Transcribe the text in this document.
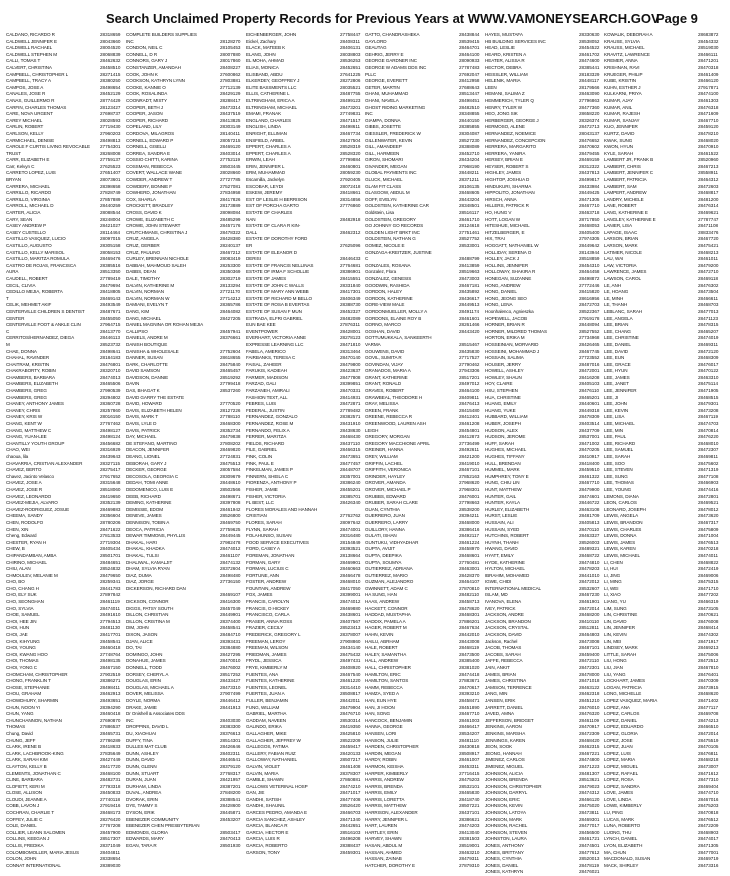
Search Unclaimed Property Records for Previous Years at WWW.VAMONEYSEARCH.GOV
Page 9
CALDANO, RICARDO R	28318659
CALDWELL JENNIFER E	28043660
CALDWELL RACHAEL	28004520
CALDWELL STEPHEN M	28068839
CALLI, TOMAS T	28462632
CALVERT, CHRISTINA	28458510
CAMPBELL, CHRISTOPHER L	28271415
CAMPBELL, TRACY A	28380250
CAMPOS, JOSE A	28498654
CANALES, JOSE R	28452129
CANAS, GUILLERMO R	28774429
CARFIN, CHARLES THOMAS	28123427
CARE, NOVA URGENT	27698737
CAREY MICHAEL	28028593
CARLIN, ROBERT	27719430
CARLSON, KELLY	27960203
CARMICHAEL, DENISE	28498813
CAROLE F CURTIS LIVING REVOCABLE	27754301
TRUST	28268008
CARR, ELIZABETH E	27759137
Carr, Kelvyn C	27625523
CARRETO LOPEZ, LUIS	27651407
BRYAN	28073601
CARRERA, MICHAEL	28398658
CARRILLO, RICARDO	27828749
CARRILLO, VIRGINIA	27857889
CARROLL, MICHAEL D	28440259
CARTER, ALICIA	28088544
CARY, SEAN	28248004
CASEY ANDREW P	28421027
CASEY CUSTELLO	28114464
CASTILLO VASQUEZ, LUCIO	28097015
CASTILLO, AUGUSTO	28305158
CASTILLO, KELLY MARISOL	28058153
CASTILLO, MARITZA ROMULA	28469476
CASTRO DE ROJAS, FRANCISCA	28385516
AURA	28513350
CAUDELL, ROBERT	27789419
CECIL, CLIVIA	28479694
CEDILLO MEJIA, ROBERTA	28418805
T	28469143
CELIK, MEHMET AKIF	28493549
CENTERVILLE CHILDREN S DENTIST	28487671
CENTER	28455050
CENTERVILLE FOOT & ANKLE CLIN	27964715
C	28413770
CERRITOS/HERNANDEZ, DIEGA	28446113
M	28523732
CHAE, DONNA	28498641
CHAHAL, RAVINDER	28184183
CHAITRAM, KRISTIN	28476801
CHAKRABORTY, ROBIN	28320710
CHAMBERS, BARBARA	28474013
CHAMBERS, ELIZABETH	28465506
CHAMBERS, GREG	27990539
CHAMBERS, GREG	28294802
CHANEY, ANTHONY JAMES	28360728
CHANEY, CHRIS	28257860
CHANEY, KRIS W	28016150
CHANG, KENT W	27767462
CHANG, MATTHEW C	28498127
CHANG, YUAN-LEE	28498124
CHANTILLY YOUTH GROUP	28456682
CHAO, WEI	28316929
chaoua, lila	28439643
CHAVARRIA, CRISTIAN ALEXANDER	28327115
CHAVEZ, BERTO	28275417
Chavez, Jacinto Velasco	27917652
CHAVEZ, JOSE A	28315648
CHAVEZ, JOSE R	28518060
CHAVEZ, LEONARDO	28419650
CHAVEZ-MEJIA, ALVARO	28352139
CHAVEZ-RODRIGUEZ, JOSUE	28469883
CHEEMA, SANDY	28356604
CHEN, RODOLFO	28780206
CHEN, XIN	28471622
Cheng, Edward	27813533
CHESTER, RYAN H	27719304
CHEW, B	28405434
CHIPANDAMBAN, AMBA	28501701
CHIRINO, MICHAEL	28484651
CHIU, ALAN	28524832
CHMOULEV, MELANIE M	28479650
CHO, BO	28259341
CHO, CHANG H	28441783
CHO, ELY SUK	27897842
CHO, SEONGHAN	28461119
CHO, SYLVIA	28474011
CHOE, SAMUEL	28491610
CHOI, HEE JIN	27794513
CHOI, HUN	28481130
CHOI, JAE	28417701
CHOI, KIHYUNG	28458541
CHOI, YOUNG	28460418
CHOI, KWANG HOO	27748764
CHOI, THOMAS	28498135
CHOI, YONG C	28467150
CHOMCHAM, CHRISTOPHER	27902519
CHONG, FRANKLIN T	28386271
CHOSE, STEPHANIE	28498411
CHOU, GRAHAM	28462913
CHOWDHURY, SHARMIN	28493651
CHUN, NOON YI	28394290
CHUN, YANG	28460418
CHUNCHANNON, NATHAN	27690870
THOMAS	27886537
Chung, David	28465731
CHUNG, JEFF	27786289
CLARK, IRENE B	28418633
CLARK, LACHBROOK-KING	27835649
CLARK, SARAH KIM	28427449
CLAYTON, KELLY B	28417720
CLEMENTS, JONATHAN C	28468100
CLINE, BARBARA	28482731
CLOFIETT, KERI M	27793318
CLOSE, ALLISON	28450833
CLOUDI, JEANNE A	27740118
COBB, LAVON J	27919416
COCHRAN, CHARLIE T	28468173
COFFEY, JULIE C	28276420
COLE, DANIEL	27767208
COLLIER, LEANN SALOMEN	28457900
COLLINS, KEEGAN J	28517307
COLLIS, FREDIKA	28371049
COLOMBOMOLLER, MARIA JESUS	28404811
COLON, JOHN	28338654
CONNAT INTERNATIONAL	28389030
COMPLETE BUILDERS SUPPLIES
INC	28128270
CONDON, NEIL C	28105453
CONNELL, D R	28007880
CONNORS, GARY J	28017860
CONSTANZER, AMANDAH	28408227
COOK, JOHN K	27600862
COOKSON, KATHRYN LYNN	27803881
COOKE, KANNIE O	27712139
COOK, ROSALINDA	28429129
COONRADT, MISTY	28288417
COOPER, BETH J	28473314
COOPER, JASON	28437519
COOPER, RICHARD	28413825
COPELAND, LILY	28303149
CORDOVA, MILAGROS	28140411
CORNELL, EDWARD P	28057215
CORNELL, GISELLI	28469120
CORREA, SANDRA E	28403014
COSSIO CHITTI, KARINA	27752119
COSSMAN, REBECCA	28503445
COVERT, WALLACE WANE	28028660
COWDER, ANDREW T	27727785
COWDERY, BONNIE F	27527081
COWHERD, JONATHAN	27834958
COX, SHARLA	28417826
CROCKETT, BRADLEY	28173889
CROSS, DAVID K	28098084
CROWE, ELIZABETH C	28485299
CROWE, JOHN STEWART	28457176
CRUTCHMANS, CHRISTINA J	28478322
CRUZ, ANGELA	28428380
CRUZ, GERBER	28240137
CRUZ, PAULINO	28467212
CURLEY, BRENNAN NICHOLE	28083419
DABBAH, MAHMOUD SALEH	28253300
DABBS, DEAN	28350369
DALE, TIMOTHY	28302719
DALVIN, KATHERINE M	28133294
DALVIN, NORMAN	27721170
DALVIN, NORMAN W	27714212
DAMIANI, EVELYN T	28365786
DANG, KIM	28464082
DANG, MICHAEL	28427205
DANIEL MAGNINA OR ROHAN MEJIA
CALLIPSO	28457941
DANIELS, ANDRE M	28376661
DANISH BOUTIQUE
DANISHA & WHOLESALE	27752604
DANNER, SUSAN	28618655
DARK, CHARLOTTE	28475840
DAVID SAMSON	28465457
DAVIDSON, DANNIE	28519292
DAVIN	27799418
DAS, BHAGAT K	28537260
DAVID GARRY THE ESTATE
DAVID, HOWARD	27770520
DAVIS, ELIZABETH HELEN	28127226
DAVIS, MARK T	27788110
DAVIS, LYLE D	28468300
DAVIS, PATRICK	28352734
DAY, MICHAEL	28479838
DE STEFANO, MARTINO	27808202
DEACON, JENNIFER	28469820
DEANG, LIONEL	27724831
DEBORAH, GARY J	28475513
DECKER, GEORGE	28057584
DECOSOLA, GEORGIA C	28309679
DEDAH, TOMI ANNE	28448610
DEDOMENICO, LUIS E	28502566
DEEB, RICHARD	28498671
DEMING, KATHERINE	28397808
DEMISSIE, EDOM	28461942
DENEVE, JAMES	28526800
DENNISON, TOBIN A	28469750
DEOCA, PATRICIA	27759625
DEWAR TIMMONS, PHYLLIS	28449445
DHAKAL, HARI	27982478
DHAKAL, KHADKA	28474012
DHAKAL, TULSI	28461107
DHALIWAL, KAMALJIT	28474132
DHAM, SYLVIA RYAN	28372604
DIAZ, DUMA	28498480
DIAZ, JORGE	27736150
DICKERSON, RICHARD DAN
28469107
DICKSON, CONNOR	28416300
DIGGS, PATSY SOUTH	28457049
DILLON, CHRISTIAN	28449901
DILLON, CRISTINA M	28374400
DIM, JOHN	28458541
DIXON, JASON	28484710
DJAN, ALICE	28393431
DO, TAI	28384880
DOMINGO, JOHN	28427295
DONAHUE, JAMES	28470010
DONNELL, TODD	28476002
DORSEY, CHERYL A	28517252
DOUGLAS, ERIN	28433427
DOUGLAS, MICHAEL A	28473310
DOVER, MELISSA	27907499
DOYLE, NORMA	28446412
DRAKE, JAMIE	28441913
Dr Onishell & Associates DDS
INC	28403030
DROPPINS, DAVID L	28383300
DU, XIAOHUAI	28376613
DUFFY, TINA	28514301
DULLES MAT CLUB	28426646
DUNN, ASHLEY	28402311
DUNN, DAVID	28446541
DUNN, GLENN	28379120
DUNN, STUART	27768317
DURAN, JUAN	28421957
DURHAM, LINDA	28387201
DUVAL, ANDREA	27848200
DVORAK, ERIN	28388541
DYE, TAMMY S	28428600
DYSON, ERIK	28445871
EBENEZER COMMUNITY	28453207
EBENEZER CHEN PRESBYTERIAN
EDMONDS, GLORIA	28503417
EDWARDS, MARY	28470413
EGAN, TARA R	28501930
EICHENBERGER, JOHN	27758447
Eickel, Zachary	28408311
ELACK, MATEEB K	28406131
ELANG, JOHN	28038803
EL MOHA, AHMAD	28536253
ELIAS, MONICA	28452651
ELISBAND, ABDU	27641225
ELKERDEY, GEOFFREY J	28272806
ELITE BASSMENTS LLC	28035521
ELLIS, CATHERINE L	28487755
ELTRINGHAM, ERICA A	28499123
ELTRINGHAM, MICHAEL	28473201
EMAMI, FRANAK	27749831
ENGLAND, CHARLES	28471517
ENGLISH, LINDA	28498611
ENRIGHT, ELLIMAN	28467734
ENSFIELD, ARBEL	28427504
EPPERT, CHARLES A	28528319
EPPERT, CHARLES A	28528320
ERWIN, LEAH	27799884
ERIN, JENNIFER L	28460801
ERM, MUHAMMAD	28059230
Escamilla, Jackelyn	27920405
ESCOBAR, LEYDI	28072418
ESKEW, JEREMY	28418661
EST OF LESLIE H BERRISON	28314856
EST OF PORCHA GARTO	27776860
ESTATE OF CHARLES
NAN	28482918
ESTATE OF CLARA R KIN-
DALL	28462312
ESTATE OF DOROTHY FORD
ER	27625096
ESTATE OF ELEANOR D
DERISI	28446433
ESTATE OF FRANCIS NELLINAS	27764681
ESTATE OF IRMA F SCHOLLIE	28386901
ESTATE OF JAMES	28415551
ESTATE OF JOHN C WALLS	28331840
ESTATE OF MARY ANN WEBB	28417301
ESTATE OF RICHARD M BELLO	28406349
ESTATE OF ROSA B EVERTAS	28388730
ESTATE OF SUSAN F MUN	28452327
ESTRADA, ELFRI GABRIEL	28482089
EUN BAE KEE	27876311
EVENTPOWER	28428001
EVERHART, VICTORIA ANNE	28278123
EXPRESSE LEARNING LLC	28471810
FABELA, AMERICO	28313464
FAIRBANKS, TERESA C	28470140
FAISAL, ZAHEER	28479800
FARUKIS, KADIEAH	28423637
FARMER, MADISON	28477808
FARZAD, GALI	28399851
FARZANEH, AMIRALI	28470331
FASHION TEXT, ALL	28414931
FEBRES, LUIS	28472871
FEDERAL, JUSTIN	27789482
FERNANDEZ, GONZALO	28382571
FERNANDEZ, ROSE M	28431910
FERNANDO, FELIX A	28438630
FERRER, MARITZA	28468430
FIELDS, RICHARD	28437110
FILE, GABRIEL	28466315
FINK, COLIN	28473651
FINK, PAUL E	28477457
FINKELMAN, JAMES P	28448707
FINNERN, SHEILA C	28357001
FIORENZA, ANTHONY P	28386240
FISHER, JAMIE	28455201
FISHER, VICTORIA	28385701
FL BEST, LLC	28426340
FLORES MORALES AND HANNAH
CRISTIAN	27762762
FLORES, SARAH	28097642
FLYNN, SARAH	28474001
FOLAHUNSO, SUSAN	28316480
FOOD SERVICE EXECUTIVES	28154849
FORD, CASEY A	28393521
FOREMAN, JONATHAN	28138664
FORMAN, GARY	28469901
FORMAN, LUCIUS C	28460663
FORTUNE, ANN	28466478
FOSTER, ANDREW	28468010
FOUNTAIN, ANDREW	28417050
FOX, JAMES	28399001
FRANCIS, CAROLYN	28474012
FRANCIS, O HICKEY	28469880
FRANCISCO, CARLA	28438601
FRASER, ANNA ROSS	28407567
FRAZIER, CECILY	28523413
FREDERICK, GREGORY L	28378007
FREEMAN, LEROY	27908860
FREEMAN, WILSON	28434140
FRIEDMAN, JAMES	28475432
FRYDL, JESSICA	28497431
FRYE, KIMBERLY M	28408920
FUENTES, ANA	28467540
FUENTES, KATHERINE	28461220
FUENTES, LEONEL	28314410
FUERTES, JUAN A	28508817
FULLER, BENJAMIN	28442011
FUNG, WILLIAM	28479904
GABRIEL, MARTHA	28476710
GADDAM, NAVEEN	28530314
GALINDO, ERIKA	28419350
GALLAGHER, MIKE	28425810
GALLAGHER, JEFFREY W	28522209
GALLEGOS, FATIMA	28459417
GALLERY, FABIAN RUIZ	28420133
GALLOWAY, NATHANIEL	28507217
GALVIN, VIOLET	28461408
GALVIN, MARIA	28378307
GAMBLE, SHAWN	27860881
GALLOWS VETERINAL HOSP	28474210
GAN, JIE	28471017
GANDHI, SATISH	28477408
GANDHI, SHAUNIL	28526420
GARCES PEDRO, AMANDA E	28466703
GARCIA SANCHEZ, ASHLEY	28471340
GARCIA, BLANCA R	28442651
GARCIA, HECTOR E	28516103
GARCIA, LUIS R	28496208
GARCIA, ROBERTO	28388437
GARSON, TONY	28459301
GATTO, CHANDRASHEKA	28438844
GAYLORD	28539415
GEAUTAG	28464701
GEHRIG, JERRY E	28464100
GEORGE GARDNER INC	28090933
GEORGE W ADAMS DDS INC	27787483
PLLC	27692047
GEORGE, EVERETT	28412958
GETER, MARTIN	27688643
GHANI, MUHAMMAD	28513447
GHANI, NAVELA	28498451
GHOST RIDING MARKETING	28482510
INC	28348855
GIAMPA, DONNA	28440150
GIBBS, JOSETTE	28385855
GIESSLER, FREDERICK W	28304087
GILLENWATER, KEVIN	28527230
GILL, AMANDEEP	28388089
GILL, HARMEEN	28452710
GIRON, SHOMARI	28434204
GIVANDER, MEGAN	27968190
GLOBAL PAYMENTS INC	28448211
GLUCK, MICHAEL	28371211
GLAM FIT CLASS	28106135
GLASGOW, ABDUL M	28468605
GOFF, EVELYN	28443204
GOLDSTEIN, KATHERINE CAR	28348501
Goldstein, Lisa	28516117
GOLDSTEIN, GREGORY	28461710
GO JOHNNY GO RECORDS	28124618
GOLDEN LIGHT BRKT INC	27751461
GOLDSTEIN, NATHAN G	28527752
GOMEZ, NICOLE E	28533001
GONZAGA-KREITZER, JUSTINE
C	28488799
GONZALES, ROSANA	28413859
Gonzalez, Flora	28519663
GONZALEZ, GENESIS	28473003
GOODWIN, RASHIDA	28467181
GORDON, HALEY	28435892
GORDON, KATHERINE	28436617
GORE-VIEW MALE	28449513
GORDONMUELLER, MOLLY A	28491174
GORDONS, ELAINE ROY B	28461601
GORNO, MARCO	28261466
GOSHAN, DAVID	28443420
GOTTUMUKKALA, SANKEERTH
VARMA	28515467
GOUWENS, DAVID	28435830
GOVIL, SUMITA R	27717527
GOVINDAN, VIJAY	27790462
GRANADOS, MARIA A	27943306
GRANT, KATHERINE	28517201
GRANT, RONALD	28497012
GRAVES, ROBERT	28464100
GRAWBEAL, THEODORE H	28409811
GRAY, MELISSA	28476413
GREEN, FRANK	28415480
GREENE, REBECCA R	28412401
GREENWOOD, LAUREN ASH	28461208
LEIGH	28454801
GREGORY, MORGAN	28412873
GREGORY MACCHIONE APRIL	27736499
GREINER, HANNA	28492611
GREY, WILLIAM	28421200
GRIFFIN, LACHEL	28419010
GRIFFITH, VERONICA	28467101
GRINDER, HAYLEY	27852163
GROVER, AMANDA	27968620
GROVER, MICHAEL P	27968301
GRUBBS, EDWARD	28476001
GRUBER, SARAH CLARE	27798663
GUAN, CYNTHIA	28538200
GUERRERO, JUAN	28394211
GUERRERO, LARRY	28468000
GUILLORY, HANNA	28386416
GULATI, ISHAN	28492117
GUNTUKU, VIDHYADHAR	28461224
GUPTA, AVIJIT	28458970
GUPTA, DEEPIKA	28468601
GUPTA, SOUMYA	27760481
GUTIERREZ, ADRIANA	28463001
GUTIERREZ, MARIO	28428370
GUZMAN, ALEJANDRO	28464107
GWINNETT, ADAM C	27870810
HA SUNG, HAN	28482110
HAAS, ANDREW	28458713
HACKETT, CONNOR	28478620
HADDAD, MUSTAPHA	28468301
HADDIX, PAMELA A	27886201
HAGER, ROBERT M	28467634
HAHN, KEVIN	28442010
HAILU, ABRHAM	28443008
HALE, ROBERT	28468119
HALEY, SAMANTHA	28473500
HALL, ANDREW	28385400
HALL, CHRISTOPHER	28381020
HAMILTON, ERIC	28474418
HAMILTON, SANTOS	27883671
HAMM, REBECCA	28470617
HAMZA, SYED A	28393210
HAN, EUN HYE	28458471
HAN, JI HOON	28451890
HAN, SONG	28467710
HANCOCK, BENJAMIN	28461003
HANNA, GEORGE	28466417
HANSEN, LORI	28534207
HANSON, JULIE	28481110
HARDEN, CHRISTOPHER	28430818
HARDIN, MEGAN	28508917
HARDY, ROBIN	28461007
HARMON, KEISHA	28453311
HARPER, KIMBERLY	27716415
HARRIS, ANDREW	28475203
HARRIS, BRENDA	28532101
HARRIS, EMILY	28465830
HARRIS, LORETTA	28418740
HARRIS, MATTHEW	28507221
HARRISON, ALEXANDER	28437101
HARRY, JENNIFER L	28386621
HART, LAUREN	28474203
HARTLEY, ERIN	28413040
HARVEY, SHAWN	28381503
HASAN, ABDUL M	28519001
HASSAN, AHMED	28463210
HASSAN, ZAINAB	28479311
HATCHER, DOROTHY E	27879310
HAYES, MUSTAFA	28330630
HB BUILDING SERVICES INC	28538052
HEAD, LESLIE	28454522
HEARD, KRISTEN A	28461702
HEATER, ALISSA R	28474600
HECTOR, DEBRA	28385441
HEISSLER, WILLIAM	28183329
HELENIK, MARIA	28448117
LEEN	28179566
HEMANI, SALIMA Z	28463090
HEMMERICH, TYLER Q	27796863
HENRY, TYLER W	28477360
HEO, JONG SIK	28658220
HERBERGER, GEORGE J	28326374
HERMOSO, ALENE	28472713
HERNANDEZ, NOEMICE	28043137
HERNANDEZ, CONCEPCION	28476652
HERRERA, MARGARITO	28470602
HERRERA, YANIRA	28479455
HERSEY, BRIAN E	28469159
HEYSER, ROBERT S	28312322
HIGHLEY, JAMES	28437813
HIGHTOP, JOSHUA D	28499817
HINDUKURI, SHARMA	28433984
HIPPOLITO, JONATHAN	28449425
HIRSCH, ANNA	28471305
HILLERS, PATRICK R	28467710
HO, HUNG V	28463718
HOTT, LOGAN W	28717850
HITESHUE, MICHAEL	28468053
HITZELBERGER, E	28405400
HIX, TRAI	27974305
HOGGATT, NATHANIEL W	28449642
HOLLIDAY, SERENA O	28143944
HOLLEY, JACK J	28518859
HOLLINS, JENNIFER	28454310
HOLLOWAY, SHAKIRA R	28464458
HONEGAN, SUZANNE	28498872
HONG, ANDREW	27772446
HONG, DANIEL	28415820
HONG, JEONG SEO	28616956
HONG, LENA	28472703
Hoonhalenco, Agnieszka	28522367
HOPEWELL, JACOB	27919178
HORNER, BRIAN R	28448094
HORNER, MILDRED THOMAS	28527552
HORTON, ERIKA M	27734968
HOSSEINIAN, MORVARID	28426465
HOSSEINI, MOHAMMAD J	28467745
HOSSAIN, SALIMA	27723552
HOUSER, JERRY	28487016
HOWELL, ASHLEY	28472001
HOWLEY, SHAUN	28416208
HOY, CLAIRE	28405103
HSU, STEPHEN	28476110
HUA, CHRISTINE	28465201
HUANG, EMILY	28440601
HUANG, YUKE	28449318
HUBBARD, WILLIAM	28478309
HUBER, JOSEPH	28403514
HUDSON, ALEX	28437709
HUDSON, JEROME	28537001
HUFF, SARAH	28471002
HUGHES, MICHAEL	28470205
HUGHES, TIFFANY	28410917
HULL, BRENDAN	28418400
HUMMEL, MARK	28459510
HUMPHREY, TONY E	28461322
HUNG, CHIU LIN	28467710
HUNT, MATTHEW	28479900
HUNTER, GAIL	28474601
HUNTER, KAYLA	28446722
HURLEY, ELIZABETH	28463108
HURST, LESLIE	28481709
HUSSAIN, ALI	28405813
HUSSAIN, SYED	28470110
HUTCHINS, ROBERT	28463327
HUYNH, THANH	28526003
HWANG, DAVID	28489321
HYATT, EMILY	28468722
HYDE, KATHERINE	28474810
HYLTON, MICHAEL	28478203
IBRAHIM, MOHAMED	28441010
IGWE, CHIDI	28472012
INTERNATIONAL MEDICAL	28532607
ISLAM, MD	28467230
IVANOVA, ELENA	28461901
IVEY, PATRICK	28472014
JACKSON, ANDRE	28468200
JACKSON, BRANDON	28410110
JACKSON, CRYSTAL	28512811
JACKSON, DAVID	28464803
Jackson, Rachel	28473008
JACOB, THOMAS	28487101
JACOBS, SARAH	28459400
JAFFE, REBECCA	28472110
JAIN, ANKIT	28472301
JAMES, BRIAN	28478000
JAMES, CHRISTINA	28471018
JAMISON, TERRENCE	28463122
JANG, MIN	28462318
JANSEN, ERIK	28451210
JARRETT, DANIEL	28476010
JAVED, AMNA	28476320
JEFFERSON, BRIDGET	28461109
JENKINS, AARON	28470917
JENKINS, MARSHA	28472309
JENNINGS, KAREN	28468420
JEON, SOOK	28462315
JEONG, HANNAH	28467221
JIMENEZ, CARLOS	28474800
JIMENEZ, MIGUEL	28471223
JOHNSON, ALICIA	28481307
JOHNSON, BRENDA	28513621
JOHNSON, CHRISTOPHER	28479023
JOHNSON, DARRYL	28474312
JOHNSON, ERIC	28466120
JOHNSON, KEVIN	28475020
JOHNSON, LATOYA	28473811
JOHNSON, MARK	28469301
JOHNSON, RACHEL	28477017
JOHNSON, STEVEN	28456500
JOHNSTON, LAURA	28461721
JONES, ANTHONY	28474501
JONES, BRITTANY	28477612
JONES, CYNTHIA	28520013
JONES, DANIEL	28478119
JONES, KATHRYN	28476021
KOWALIK, DEBORAH A	28683872
KRAUSE, SYLVIA	28454332
KRAUSS, MICHAEL	28519030
KRAVITZ, LAWRENCE	28466111
KREMER, ANNA	28471201
KRISHNAN, RAVI	28470318
KRUEGER, PHILIP	28461409
KUBE, KRISTIN	28466120
KUHN, ESTHER J	27917871
KULKARNI, PRIYA	28474100
KUMAR, AJAY	28461303
KUMAR, ANIL	28476318
KUMAR, RAJESH	28471609
KUMAR, SANJAY	28467710
KUO, JENNIFER	28459120
KURTZ, DAVID	28478210
KWAK, SUNG	28468020
KWON, HYUN	28470910
KYLE, SARAH	28461522
LAMBERT JR, FRANK B	28520960
LAMBERT, CHRIS	28467213
LAMBERT, JENNIFER C	28558911
LAMBERT, PATRICIA	28464312
LAMBERT, SAM	28472603
LAMPERT, ANDREW	28468817
LANDRY, MICHELE	28481200
LANE, ROBERT	28476314
LANG, KATHERINE E	28469621
LANGLEY, KATHERINE E	27787747
LANIER, LISA	28471108
LAPAGE, ISAAC	28833476
LARSON, BRIAN	28467720
LARSON, MARK	28475421
LATIMER, NICOLE	28468213
LAU, WAI	28461011
LAW, VICTORIA	28479200
LAWRENCE, JAMES	28472710
LAWSON, CAROL	28469118
LE, ANH	28476302
LE, HOANG	28473504
LE, MINH	28466611
LE, THANH	28468703
LEBLANC, SARAH	28477013
LEE, ANGELA	28471123
LEE, BRIAN	28478315
LEE, CHANG	28465207
LEE, CHRISTINE	28474019
LEE, DANIEL	28469311
LEE, DAVID	28472120
LEE, EUN	28468309
LEE, GRACE	28476017
LEE, HYUN	28470122
LEE, JAMES	28463310
LEE, JANET	28475114
LEE, JENNIFER	28471905
LEE, JI	28468515
LEE, JOHN	28479301
LEE, KEVIN	28473208
LEE, LISA	28467119
LEE, MICHAEL	28474703
LEE, MIN	28470814
LEE, PAUL	28476220
LEE, RICHARD	28468010
LEE, SAMUEL	28472307
LEE, SARAH	28469811
LEE, SOO	28475602
LEE, STEVEN	28471319
LEE, SUNG	28477108
LEE, THOMAS	28466903
LEE, YOUNG	28474416
LEMONS, DIANA	28472801
LEON, CARLOS	28469521
LEONARD, JOSEPH	28478012
LEWIS, ANGELA	28473620
LEWIS, BRANDON	28467317
LEWIS, CHARLES	28475809
LEWIS, DONNA	28471004
LEWIS, JAMES	28476513
LEWIS, KAREN	28470218
LEWIS, MICHAEL	28474011
LI, CHEN	28468822
LI, HUI	28472419
LI, JING	28469006
LI, MING	28475315
LI, WEI	28471710
LI, XIAO	28477202
LIANG, YU	28466319
LIM, SUNG	28473105
LIN, CHRISTINE	28470621
LIN, DAVID	28476008
LIN, JENNIFER	28468414
LIN, KEVIN	28474302
LIN, MEI	28471917
LINDSEY, MARK	28469213
LITTLE, SARAH	28475006
LIU, HONG	28472512
LIU, JIAN	28467810
LIU, YANG	28476401
LOCKHART, JAMES	28470309
LOGAN, PATRICIA	28473915
LONG, MICHELLE	28468620
LOPEZ VASQUEZ, MARIA	28471402
LOPEZ, ANA	28477117
LOPEZ, CARLOS	28469708
LOPEZ, DANIEL	28474213
LOPEZ, EDUARDO	28466510
LOPEZ, GLORIA	28472014
LOPEZ, JOSE	28475519
LOPEZ, JUAN	28470105
LOPEZ, LUIS	28476811
LOPEZ, MARIA	28468218
LOPEZ, MIGUEL	28473007
LOPEZ, RAFAEL	28471612
LOPEZ, ROSA	28477310
LOPEZ, SANDRA	28469404
LOVE, JAMES	28474710
LOVE, LINDA	28467016
LOWE, KIMBERLY	28475203
LU, PING	28470818
LUCAS, MARK	28476512
LUNA, ROBERTO	28472209
LUONG, THU	28468903
LYNCH, DANIEL	28474017
LYON, ELIZABETH	28471305
MA, CHUN	28477001
MACDONALD, SUSAN	28469719
MACK, SHIRLEY	28473316
